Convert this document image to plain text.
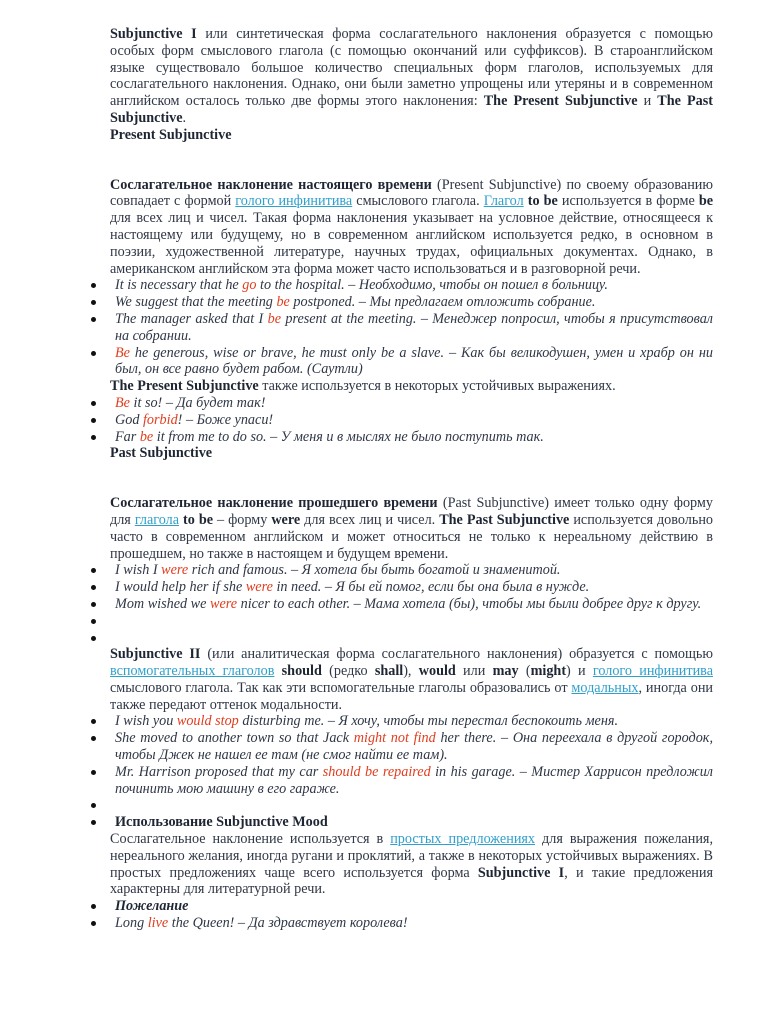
Subjunctive I или синтетическая форма сослагательного наклонения образуется с помощью особых форм смыслового глагола (с помощью окончаний или суффиксов). В староанглийском языке существовало большое количество специальных форм глаголов, используемых для сослагательного наклонения. Однако, они были заметно упрощены или утеряны и в современном английском осталось только две формы этого наклонения: The Present Subjunctive и The Past Subjunctive.

Present Subjunctive

Сослагательное наклонение настоящего времени (Present Subjunctive) по своему образованию совпадает с формой голого инфинитива смыслового глагола. Глагол to be используется в форме be для всех лиц и чисел. Такая форма наклонения указывает на условное действие, относящееся к настоящему или будущему, но в современном английском используется редко, в основном в поэзии, художественной литературе, научных трудах, официальных документах. Однако, в американском английском эта форма может часто использоваться и в разговорной речи.

It is necessary that he go to the hospital. – Необходимо, чтобы он пошел в больницу.
We suggest that the meeting be postponed. – Мы предлагаем отложить собрание.
The manager asked that I be present at the meeting. – Менеджер попросил, чтобы я присутствовал на собрании.
Be he generous, wise or brave, he must only be a slave. – Как бы великодушен, умен и храбр он ни был, он все равно будет рабом. (Саутли)

The Present Subjunctive также используется в некоторых устойчивых выражениях.

Be it so! – Да будет так!
God forbid! – Боже упаси!
Far be it from me to do so. – У меня и в мыслях не было поступить так.

Past Subjunctive

Сослагательное наклонение прошедшего времени (Past Subjunctive) имеет только одну форму для глагола to be – форму were для всех лиц и чисел. The Past Subjunctive используется довольно часто в современном английском и может относиться не только к нереальному действию в прошедшем, но также в настоящем и будущем времени.

I wish I were rich and famous. – Я хотела бы быть богатой и знаменитой.
I would help her if she were in need. – Я бы ей помог, если бы она была в нужде.
Mom wished we were nicer to each other. – Мама хотела (бы), чтобы мы были добрее друг к другу.

Subjunctive II (или аналитическая форма сослагательного наклонения) образуется с помощью вспомогательных глаголов should (редко shall), would или may (might) и голого инфинитива смыслового глагола. Так как эти вспомогательные глаголы образовались от модальных, иногда они также передают оттенок модальности.

I wish you would stop disturbing me. – Я хочу, чтобы ты перестал беспокоить меня.
She moved to another town so that Jack might not find her there. – Она переехала в другой городок, чтобы Джек не нашел ее там (не смог найти ее там).
Mr. Harrison proposed that my car should be repaired in his garage. – Мистер Харрисон предложил починить мою машину в его гараже.
Использование Subjunctive Mood

Сослагательное наклонение используется в простых предложениях для выражения пожелания, нереального желания, иногда ругани и проклятий, а также в некоторых устойчивых выражениях. В простых предложениях чаще всего используется форма Subjunctive I, и такие предложения характерны для литературной речи.

Пожелание
Long live the Queen! – Да здравствует королева!
